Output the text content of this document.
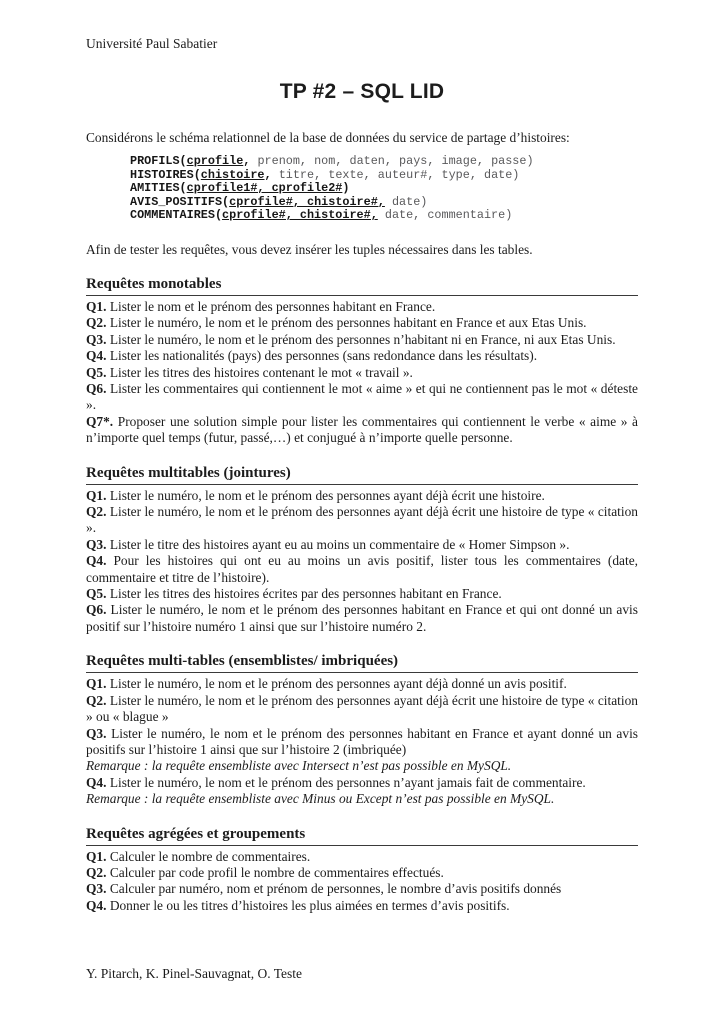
Université Paul Sabatier

TP #2 – SQL LID

Considérons le schéma relationnel de la base de données du service de partage d’histoires:

PROFILS(cprofile, prenom, nom, daten, pays, image, passe)
HISTOIRES(chistoire, titre, texte, auteur#, type, date)
AMITIES(cprofile1#, cprofile2#)
AVIS_POSITIFS(cprofile#, chistoire#, date)
COMMENTAIRES(cprofile#, chistoire#, date, commentaire)

Afin de tester les requêtes, vous devez insérer les tuples nécessaires dans les tables.

Requêtes monotables

Q1. Lister le nom et le prénom des personnes habitant en France.

Q2. Lister le numéro, le nom et le prénom des personnes habitant en France et aux Etas Unis.

Q3. Lister le numéro, le nom et le prénom des personnes n’habitant ni en France, ni aux Etas Unis.

Q4. Lister les nationalités (pays) des personnes (sans redondance dans les résultats).

Q5. Lister les titres des histoires contenant le mot « travail ».

Q6. Lister les commentaires qui contiennent le mot « aime » et qui ne contiennent pas le mot « déteste ».

Q7*. Proposer une solution simple pour lister les commentaires qui contiennent le verbe « aime » à n’importe quel temps (futur, passé,…) et conjugué à n’importe quelle personne.

Requêtes multitables (jointures)

Q1. Lister le numéro, le nom et le prénom des personnes ayant déjà écrit une histoire.

Q2. Lister le numéro, le nom et le prénom des personnes ayant déjà écrit une histoire de type « citation ».

Q3. Lister le titre des histoires ayant eu au moins un commentaire de « Homer Simpson ».

Q4. Pour les histoires qui ont eu au moins un avis positif, lister tous les commentaires (date, commentaire et titre de l’histoire).

Q5. Lister les titres des histoires écrites par des personnes habitant en France.

Q6. Lister le numéro, le nom et le prénom des personnes habitant en France et qui ont donné un avis positif sur l’histoire numéro 1 ainsi que sur l’histoire numéro 2.

Requêtes multi-tables (ensemblistes/ imbriquées)

Q1. Lister le numéro, le nom et le prénom des personnes ayant déjà donné un avis positif.

Q2. Lister le numéro, le nom et le prénom des personnes ayant déjà écrit une histoire de type « citation » ou « blague »

Q3. Lister le numéro, le nom et le prénom des personnes habitant en France et ayant donné un avis positifs sur l’histoire 1 ainsi que sur l’histoire 2 (imbriquée)

Remarque : la requête ensembliste avec Intersect n’est pas possible en MySQL.

Q4. Lister le numéro, le nom et le prénom des personnes n’ayant jamais fait de commentaire.

Remarque : la requête ensembliste avec Minus ou Except n’est pas possible en MySQL.

Requêtes agrégées et groupements

Q1. Calculer le nombre de commentaires.

Q2. Calculer par code profil le nombre de commentaires effectués.

Q3. Calculer par numéro, nom et prénom de personnes, le nombre d’avis positifs donnés

Q4. Donner le ou les titres d’histoires les plus aimées en termes d’avis positifs.

Y. Pitarch, K. Pinel-Sauvagnat, O. Teste
